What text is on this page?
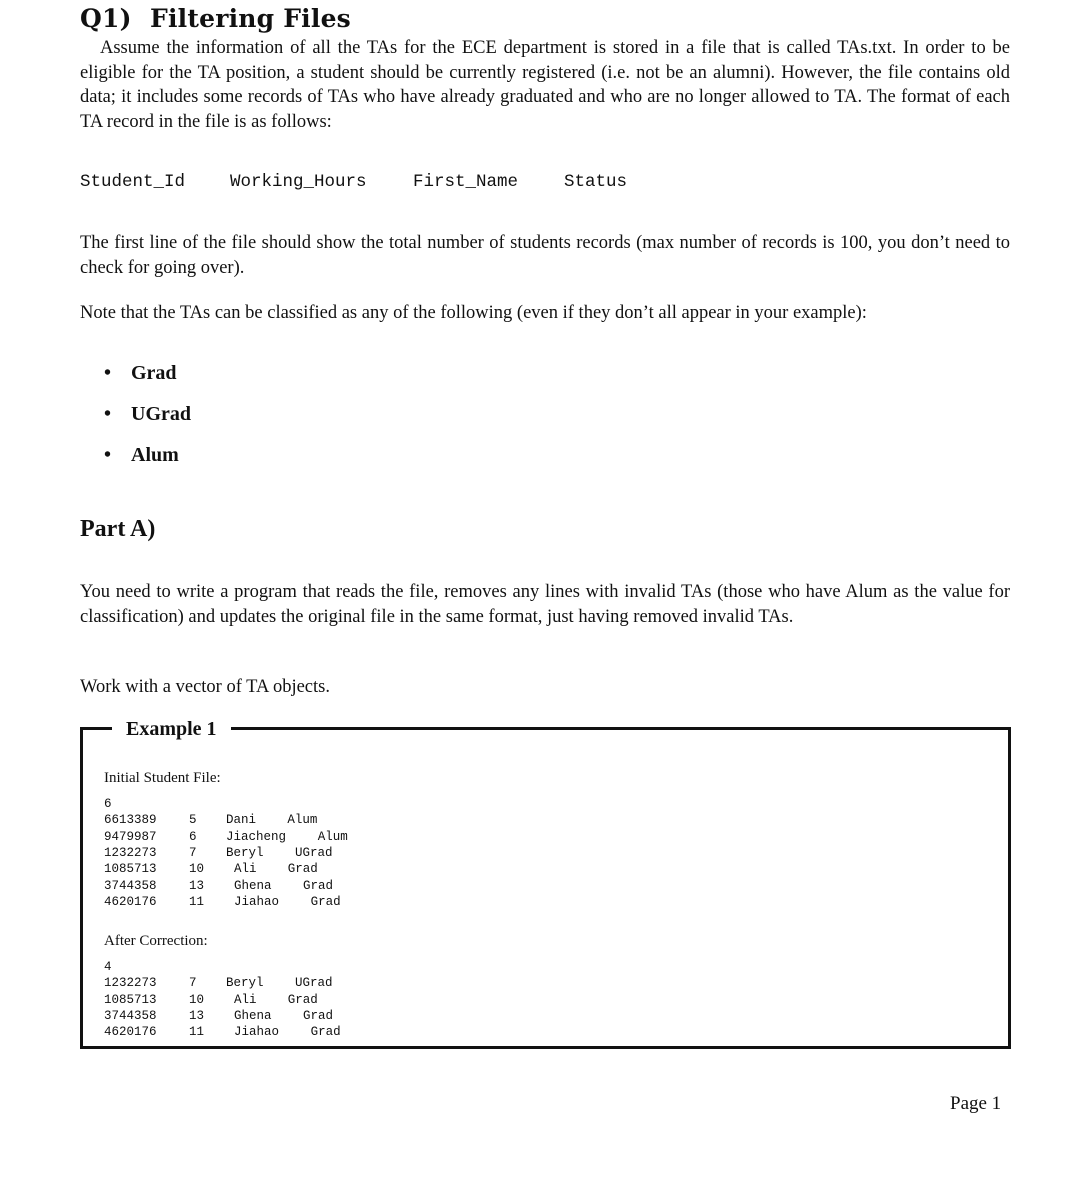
Q1) Filtering Files

Assume the information of all the TAs for the ECE department is stored in a file that is called TAs.txt. In order to be eligible for the TA position, a student should be currently registered (i.e. not be an alumni). However, the file contains old data; it includes some records of TAs who have already graduated and who are no longer allowed to TA. The format of each TA record in the file is as follows:

Student_Id

	Working_Hours

	First_Name

	Status

The first line of the file should show the total number of students records (max number of records is 100, you don’t need to check for going over).

Note that the TAs can be classified as any of the following (even if they don’t all appear in your example):

• Grad
• UGrad
• Alum
Part A)

You need to write a program that reads the file, removes any lines with invalid TAs (those who have Alum as the value for classification) and updates the original file in the same format, just having removed invalid TAs.

Work with a vector of TA objects.

Initial Student File:
6
6613389	5 Dani	Alum
9479987	6 Jiacheng	Alum
1232273	7 Beryl	UGrad
1085713	10 Ali	Grad
3744358	13 Ghena	Grad
4620176	11 Jiahao	Grad
After Correction:
4
1232273	7 Beryl	UGrad
1085713	10 Ali	Grad
3744358	13 Ghena	Grad
4620176	11 Jiahao	Grad
Example 1
Page 1
